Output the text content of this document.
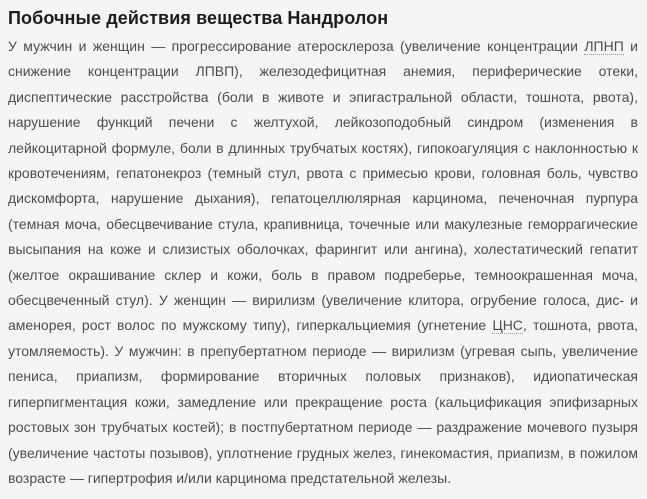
Побочные действия вещества Нандролон

У мужчин и женщин — прогрессирование атеросклероза (увеличение концентрации ЛПНП и снижение концентрации ЛПВП), железодефицитная анемия, периферические отеки, диспептические расстройства (боли в животе и эпигастральной области, тошнота, рвота), нарушение функций печени с желтухой, лейкозоподобный синдром (изменения в лейкоцитарной формуле, боли в длинных трубчатых костях), гипокоагуляция с наклонностью к кровотечениям, гепатонекроз (темный стул, рвота с примесью крови, головная боль, чувство дискомфорта, нарушение дыхания), гепатоцеллюлярная карцинома, печеночная пурпура (темная моча, обесцвечивание стула, крапивница, точечные или макулезные геморрагические высыпания на коже и слизистых оболочках, фарингит или ангина), холестатический гепатит (желтое окрашивание склер и кожи, боль в правом подреберье, темноокрашенная моча, обесцвеченный стул). У женщин — вирилизм (увеличение клитора, огрубение голоса, дис- и аменорея, рост волос по мужскому типу), гиперкальциемия (угнетение ЦНС, тошнота, рвота, утомляемость). У мужчин: в препубертатном периоде — вирилизм (угревая сыпь, увеличение пениса, приапизм, формирование вторичных половых признаков), идиопатическая гиперпигментация кожи, замедление или прекращение роста (кальцификация эпифизарных ростовых зон трубчатых костей); в постпубертатном периоде — раздражение мочевого пузыря (увеличение частоты позывов), уплотнение грудных желез, гинекомастия, приапизм, в пожилом возрасте — гипертрофия и/или карцинома предстательной железы.
